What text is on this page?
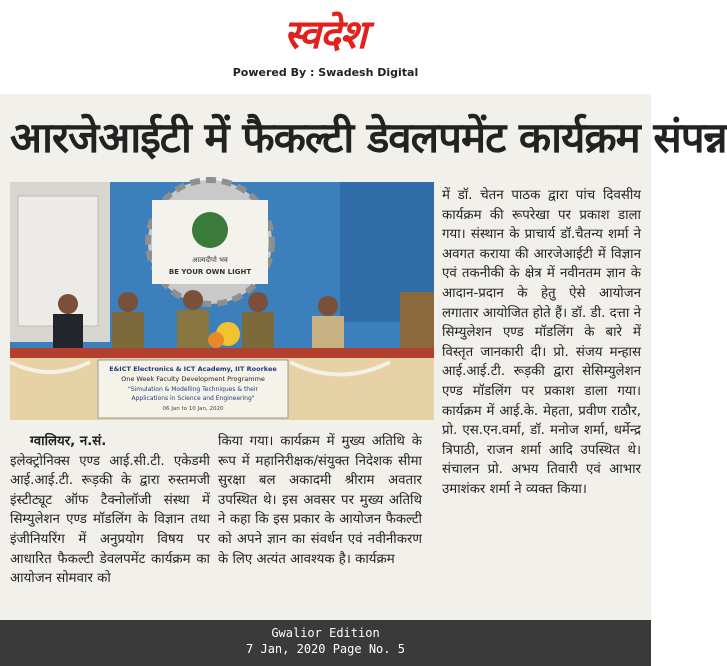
स्वदेश
Powered By : Swadesh Digital
आरजेआईटी में फैकल्टी डेवलपमेंट कार्यक्रम संपन्न
आत्मदीपो भव
BE YOUR OWN LIGHT
E&ICT Electronics & ICT Academy, IIT Roorkee
One Week Faculty Development Programme
"Simulation & Modelling Techniques & their
Applications in Science and Engineering"
06 Jan to 10 Jan, 2020
ग्वालियर, न.सं.

इलेक्ट्रोनिक्स एण्ड आई.सी.टी. एकेडमी आई.आई.टी. रूड़की के द्वारा रुस्तमजी इंस्टीट्यूट ऑफ टैक्नोलॉजी संस्था में सिम्युलेशन एण्ड मॉडलिंग के विज्ञान तथा इंजीनियरिंग में अनुप्रयोग विषय पर आधारित फैकल्टी डेवलपमेंट कार्यक्रम का आयोजन सोमवार को

किया गया। कार्यक्रम में मुख्य अतिथि के रूप में महानिरीक्षक/संयुक्त निदेशक सीमा सुरक्षा बल अकादमी श्रीराम अवतार उपस्थित थे। इस अवसर पर मुख्य अतिथि ने कहा कि इस प्रकार के आयोजन फैकल्टी को अपने ज्ञान का संवर्धन एवं नवीनीकरण के लिए अत्यंत आवश्यक है। कार्यक्रम

में डॉ. चेतन पाठक द्वारा पांच दिवसीय कार्यक्रम की रूपरेखा पर प्रकाश डाला गया। संस्थान के प्राचार्य डॉ.चैतन्य शर्मा ने अवगत कराया की आरजेआईटी में विज्ञान एवं तकनीकी के क्षेत्र में नवीनतम ज्ञान के आदान-प्रदान के हेतु ऐसे आयोजन लगातार आयोजित होते हैं। डॉ. डी. दत्ता ने सिम्युलेशन एण्ड मॉडलिंग के बारे में विस्तृत जानकारी दी। प्रो. संजय मन्हास आई.आई.टी. रूड़की द्वारा सेसिम्युलेशन एण्ड मॉडलिंग पर प्रकाश डाला गया। कार्यक्रम में आई.के. मेहता, प्रवीण राठौर, प्रो. एस.एन.वर्मा, डॉ. मनोज शर्मा, धर्मेन्द्र त्रिपाठी, राजन शर्मा आदि उपस्थित थे। संचालन प्रो. अभय तिवारी एवं आभार उमाशंकर शर्मा ने व्यक्त किया।

Gwalior Edition
7 Jan, 2020 Page No. 5
